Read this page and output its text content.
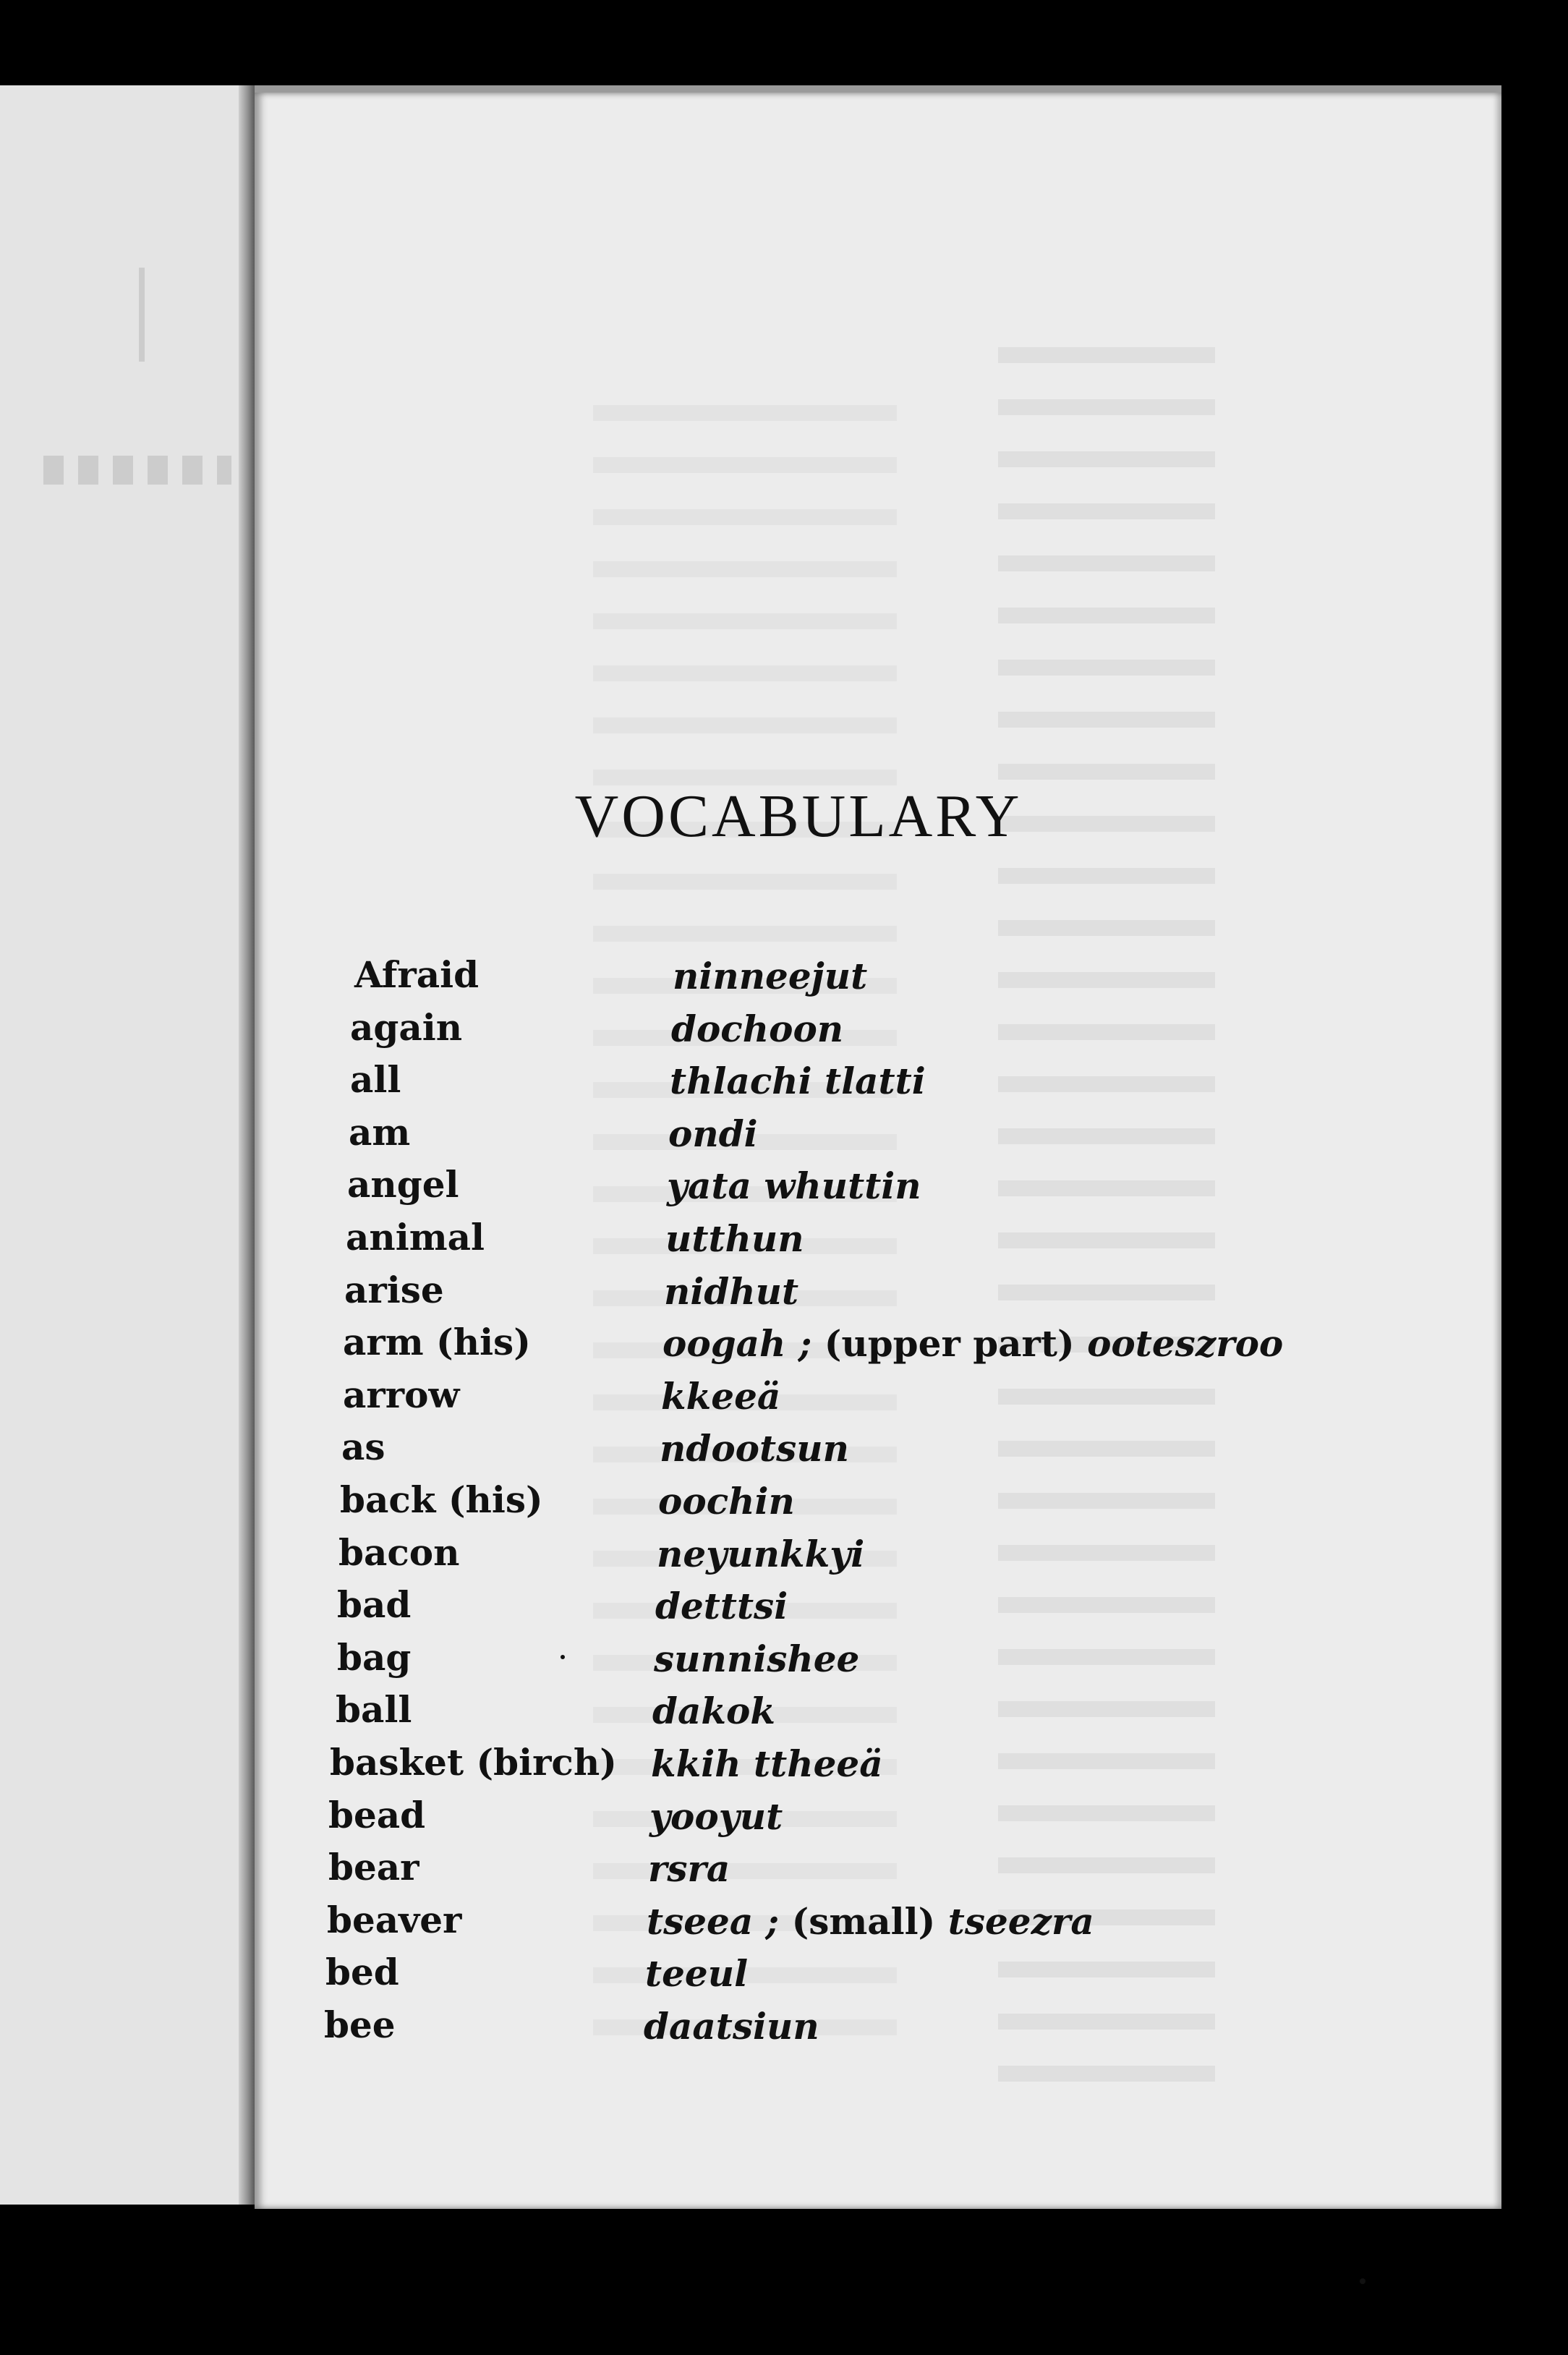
VOCABULARY
Afraid	ninneejut
again	dochoon
all	thlachi tlatti
am	ondi
angel	yata whuttin
animal	utthun
arise	nidhut
arm (his)	oogah ; (upper part) ooteszroo
arrow	kkeeä
as	ndootsun
back (his)	oochin
bacon	neyunkkyi
bad	detttsi
bag	sunnishee
ball	dakok
basket (birch) kkih ttheeä
bead	yooyut
bear	rsra
beaver	tseea ; (small) tseezra
bed	teeul
bee	daatsiun
